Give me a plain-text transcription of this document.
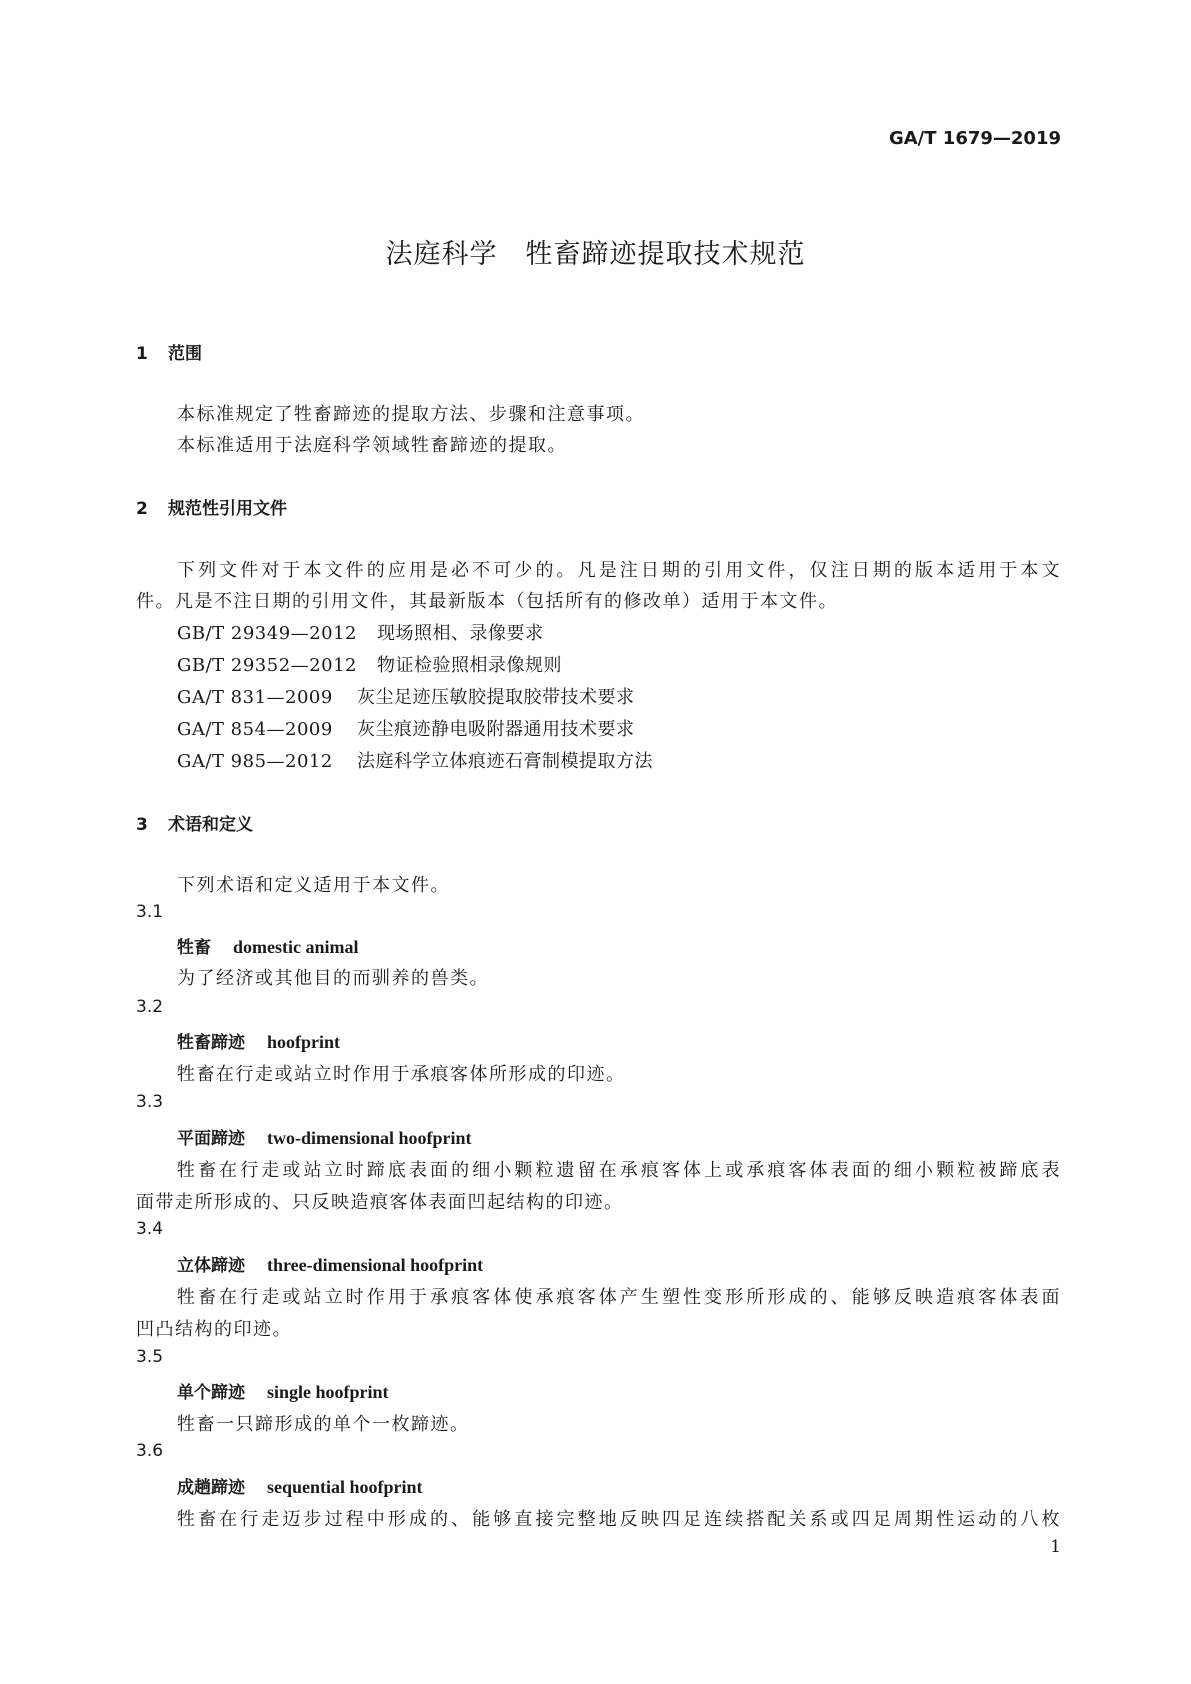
GA/T 1679—2019
法庭科学　牲畜蹄迹提取技术规范
1 范围
本标准规定了牲畜蹄迹的提取方法、步骤和注意事项。
本标准适用于法庭科学领域牲畜蹄迹的提取。
2 规范性引用文件
下列文件对于本文件的应用是必不可少的。凡是注日期的引用文件，仅注日期的版本适用于本文
件。凡是不注日期的引用文件，其最新版本（包括所有的修改单）适用于本文件。
GB/T 29349—2012 现场照相、录像要求
GB/T 29352—2012 物证检验照相录像规则
GA/T 831—2009 灰尘足迹压敏胶提取胶带技术要求
GA/T 854—2009 灰尘痕迹静电吸附器通用技术要求
GA/T 985—2012 法庭科学立体痕迹石膏制模提取方法
3 术语和定义
下列术语和定义适用于本文件。
3.1
牲畜 domestic animal
为了经济或其他目的而驯养的兽类。
3.2
牲畜蹄迹 hoofprint
牲畜在行走或站立时作用于承痕客体所形成的印迹。
3.3
平面蹄迹 two-dimensional hoofprint
牲畜在行走或站立时蹄底表面的细小颗粒遗留在承痕客体上或承痕客体表面的细小颗粒被蹄底表
面带走所形成的、只反映造痕客体表面凹起结构的印迹。
3.4
立体蹄迹 three-dimensional hoofprint
牲畜在行走或站立时作用于承痕客体使承痕客体产生塑性变形所形成的、能够反映造痕客体表面
凹凸结构的印迹。
3.5
单个蹄迹 single hoofprint
牲畜一只蹄形成的单个一枚蹄迹。
3.6
成趟蹄迹 sequential hoofprint
牲畜在行走迈步过程中形成的、能够直接完整地反映四足连续搭配关系或四足周期性运动的八枚
1
